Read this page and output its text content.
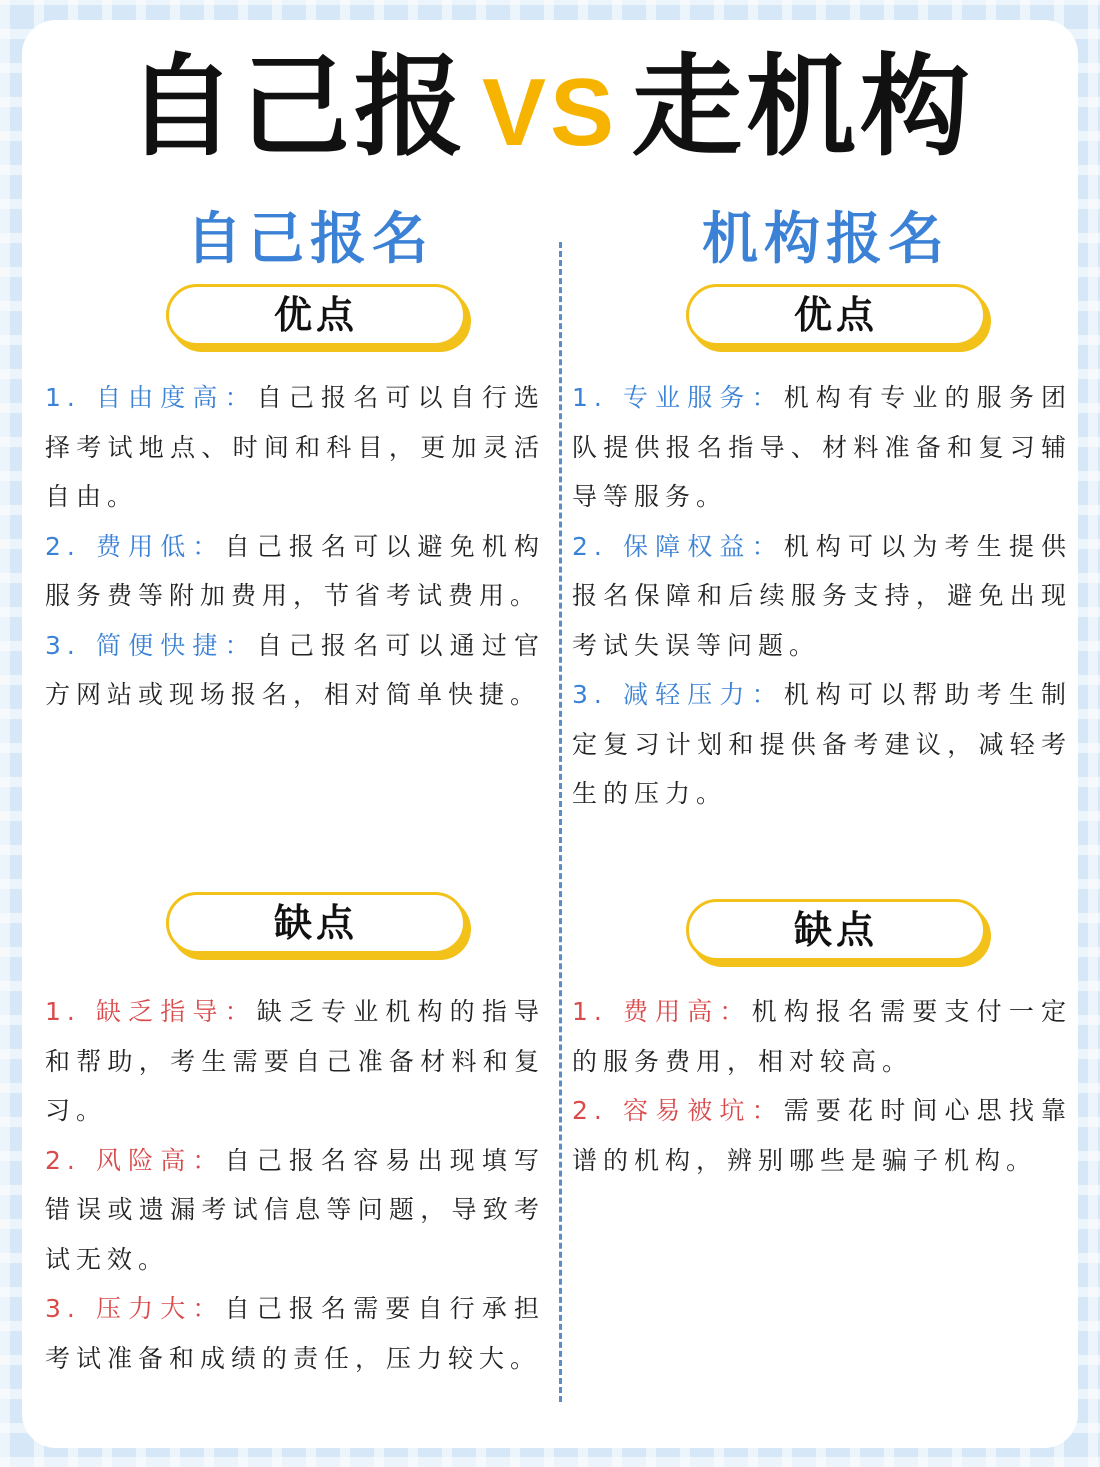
自己报 VS 走机构
自己报名
优点
1. 自由度高：自己报名可以自行选择考试地点、时间和科目，更加灵活自由。
2. 费用低：自己报名可以避免机构服务费等附加费用，节省考试费用。
3. 简便快捷：自己报名可以通过官方网站或现场报名，相对简单快捷。
缺点
1. 缺乏指导：缺乏专业机构的指导和帮助，考生需要自己准备材料和复习。
2. 风险高：自己报名容易出现填写错误或遗漏考试信息等问题，导致考试无效。
3. 压力大：自己报名需要自行承担考试准备和成绩的责任，压力较大。
机构报名
优点
1. 专业服务：机构有专业的服务团队提供报名指导、材料准备和复习辅导等服务。
2. 保障权益：机构可以为考生提供报名保障和后续服务支持，避免出现考试失误等问题。
3. 减轻压力：机构可以帮助考生制定复习计划和提供备考建议，减轻考生的压力。
缺点
1. 费用高：机构报名需要支付一定的服务费用，相对较高。
2. 容易被坑：需要花时间心思找靠谱的机构，辨别哪些是骗子机构。
